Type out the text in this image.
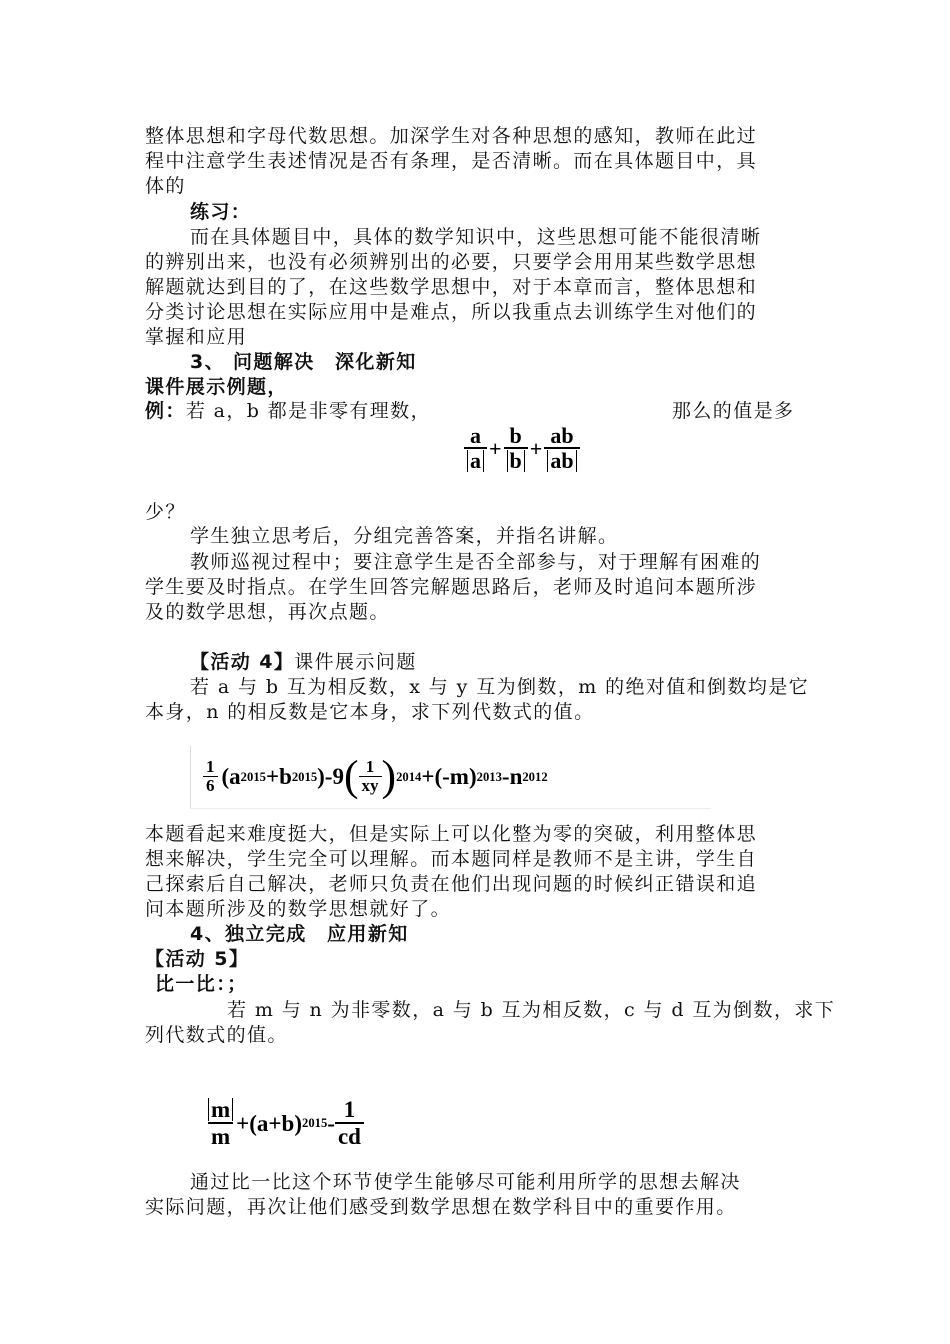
整体思想和字母代数思想。加深学生对各种思想的感知，教师在此过
程中注意学生表述情况是否有条理，是否清晰。而在具体题目中，具
体的
练习：
而在具体题目中，具体的数学知识中，这些思想可能不能很清晰
的辨别出来，也没有必须辨别出的必要，只要学会用用某些数学思想
解题就达到目的了，在这些数学思想中，对于本章而言，整体思想和
分类讨论思想在实际应用中是难点，所以我重点去训练学生对他们的
掌握和应用
3、 问题解决　深化新知
课件展示例题，
例：若 a，b 都是非零有理数，	那么的值是多
$\frac{a}{a} + \frac{b}{b} + \frac{ab}{ab}$
少？
学生独立思考后，分组完善答案，并指名讲解。
教师巡视过程中；要注意学生是否全部参与，对于理解有困难的
学生要及时指点。在学生回答完解题思路后，老师及时追问本题所涉
及的数学思想，再次点题。
【活动 4】课件展示问题
若 a 与 b 互为相反数，x 与 y 互为倒数，m 的绝对值和倒数均是它
本身，n 的相反数是它本身，求下列代数式的值。
$\frac{1}{6}$ ( a 2015 + b 2015 )-9 ( $\frac{1}{xy}$ ) 2014 +(-m) 2013 -n 2012
本题看起来难度挺大，但是实际上可以化整为零的突破，利用整体思
想来解决，学生完全可以理解。而本题同样是教师不是主讲，学生自
己探索后自己解决，老师只负责在他们出现问题的时候纠正错误和追
问本题所涉及的数学思想就好了。
4、独立完成　应用新知
【活动 5】
比一比：；
若 m 与 n 为非零数，a 与 b 互为相反数，c 与 d 互为倒数，求下
列代数式的值。
$\frac{m}{m} +(a+b)$ $2015 - \frac{1}{cd}$
通过比一比这个环节使学生能够尽可能利用所学的思想去解决
实际问题，再次让他们感受到数学思想在数学科目中的重要作用。
